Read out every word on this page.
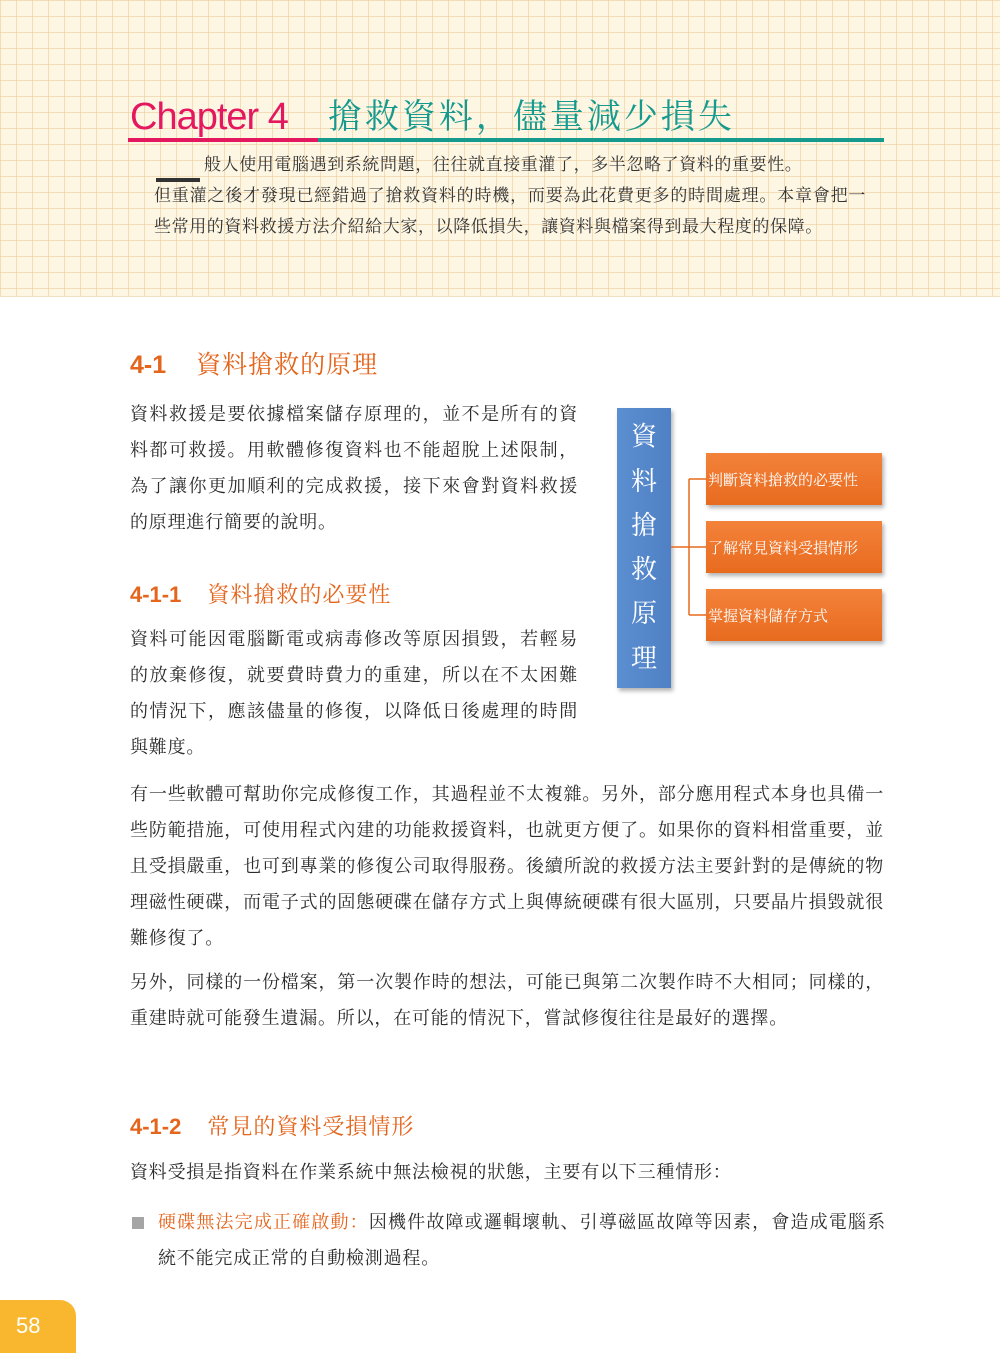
Chapter 4 搶救資料，儘量減少損失
般人使用電腦遇到系統問題，往往就直接重灌了，多半忽略了資料的重要性。
但重灌之後才發現已經錯過了搶救資料的時機，而要為此花費更多的時間處理。本章會把一些常用的資料救援方法介紹給大家，以降低損失，讓資料與檔案得到最大程度的保障。
4-1 資料搶救的原理
資料救援是要依據檔案儲存原理的，並不是所有的資料都可救援。用軟體修復資料也不能超脫上述限制，為了讓你更加順利的完成救援，接下來會對資料救援的原理進行簡要的說明。
資
料
搶
救
原
理
判斷資料搶救的必要性
了解常見資料受損情形
掌握資料儲存方式
4-1-1 資料搶救的必要性
資料可能因電腦斷電或病毒修改等原因損毀，若輕易的放棄修復，就要費時費力的重建，所以在不太困難的情況下，應該儘量的修復，以降低日後處理的時間與難度。
有一些軟體可幫助你完成修復工作，其過程並不太複雜。另外，部分應用程式本身也具備一些防範措施，可使用程式內建的功能救援資料，也就更方便了。如果你的資料相當重要，並且受損嚴重，也可到專業的修復公司取得服務。後續所說的救援方法主要針對的是傳統的物理磁性硬碟，而電子式的固態硬碟在儲存方式上與傳統硬碟有很大區別，只要晶片損毀就很難修復了。
另外，同樣的一份檔案，第一次製作時的想法，可能已與第二次製作時不大相同；同樣的，重建時就可能發生遺漏。所以，在可能的情況下，嘗試修復往往是最好的選擇。
4-1-2 常見的資料受損情形
資料受損是指資料在作業系統中無法檢視的狀態，主要有以下三種情形：
硬碟無法完成正確啟動：因機件故障或邏輯壞軌、引導磁區故障等因素，會造成電腦系統不能完成正常的自動檢測過程。
58
